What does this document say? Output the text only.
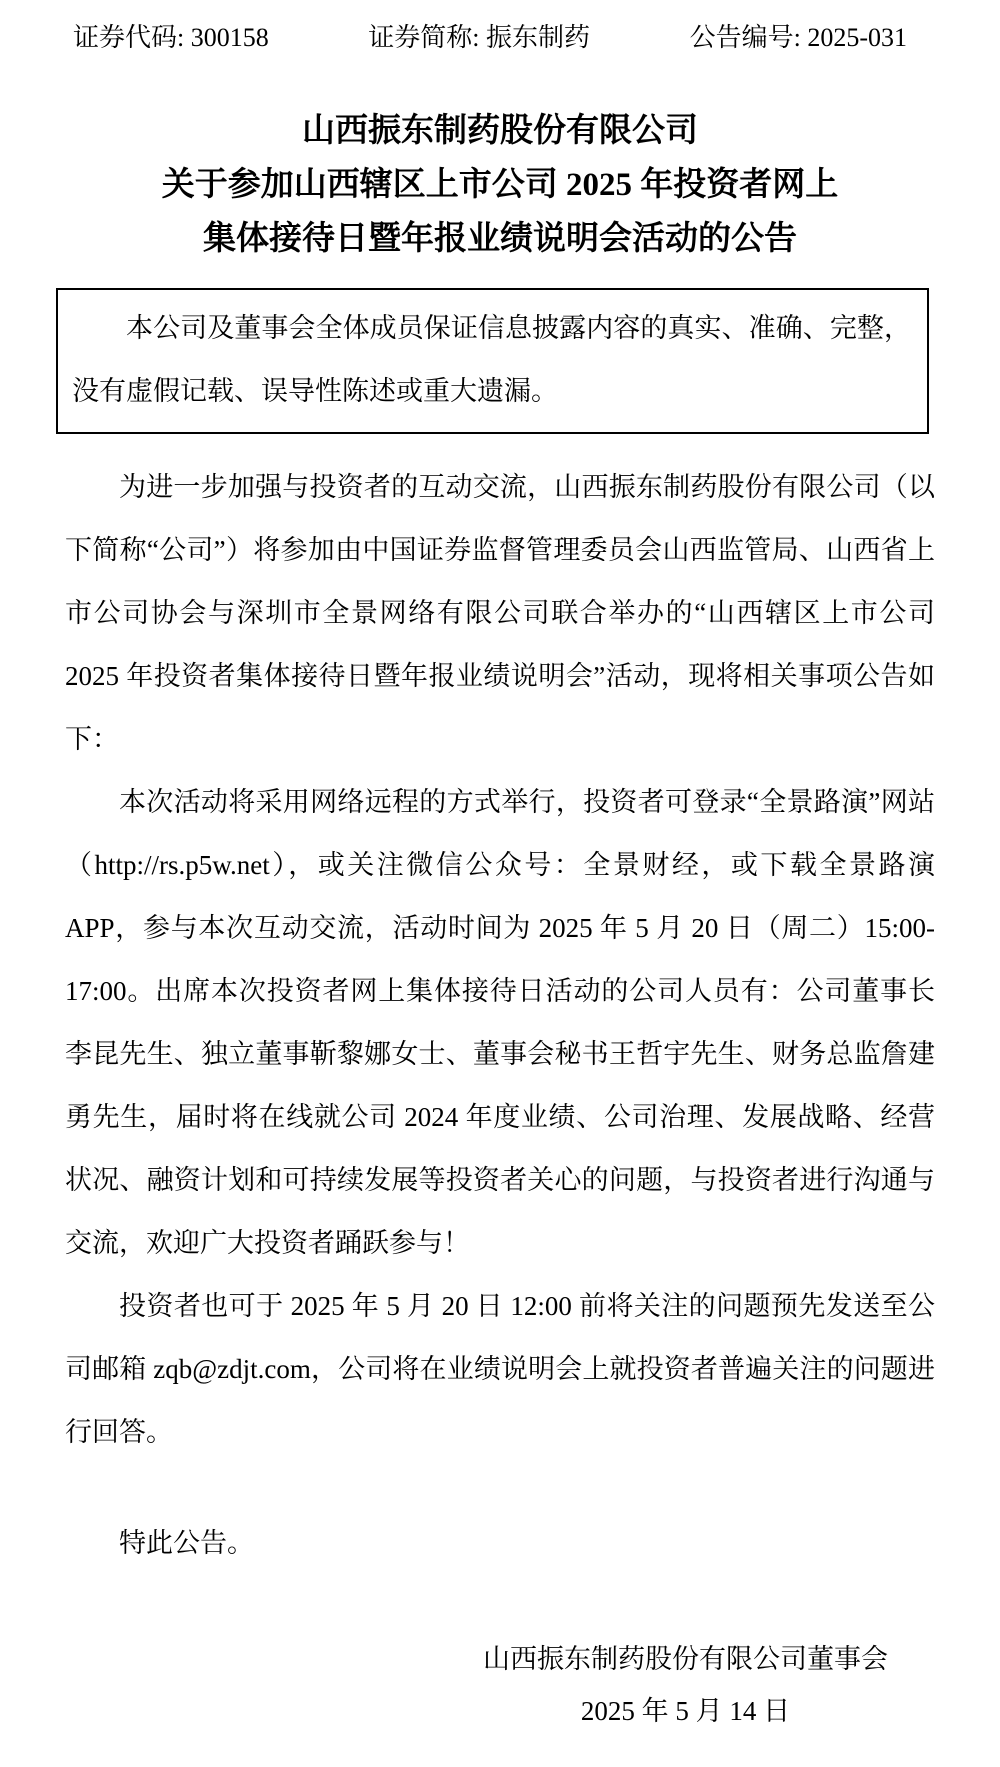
证券代码: 300158	证券简称: 振东制药	公告编号: 2025-031
山西振东制药股份有限公司
关于参加山西辖区上市公司 2025 年投资者网上
集体接待日暨年报业绩说明会活动的公告

本公司及董事会全体成员保证信息披露内容的真实、准确、完整，没有虚假记载、误导性陈述或重大遗漏。

为进一步加强与投资者的互动交流，山西振东制药股份有限公司（以下简称“公司”）将参加由中国证券监督管理委员会山西监管局、山西省上市公司协会与深圳市全景网络有限公司联合举办的“山西辖区上市公司 2025 年投资者集体接待日暨年报业绩说明会”活动，现将相关事项公告如下：

本次活动将采用网络远程的方式举行，投资者可登录“全景路演”网站（http://rs.p5w.net），或关注微信公众号：全景财经，或下载全景路演 APP，参与本次互动交流，活动时间为 2025 年 5 月 20 日（周二）15:00-17:00。出席本次投资者网上集体接待日活动的公司人员有：公司董事长李昆先生、独立董事靳黎娜女士、董事会秘书王哲宇先生、财务总监詹建勇先生，届时将在线就公司 2024 年度业绩、公司治理、发展战略、经营状况、融资计划和可持续发展等投资者关心的问题，与投资者进行沟通与交流，欢迎广大投资者踊跃参与！

投资者也可于 2025 年 5 月 20 日 12:00 前将关注的问题预先发送至公司邮箱 zqb@zdjt.com，公司将在业绩说明会上就投资者普遍关注的问题进行回答。

特此公告。

山西振东制药股份有限公司董事会
2025 年 5 月 14 日
